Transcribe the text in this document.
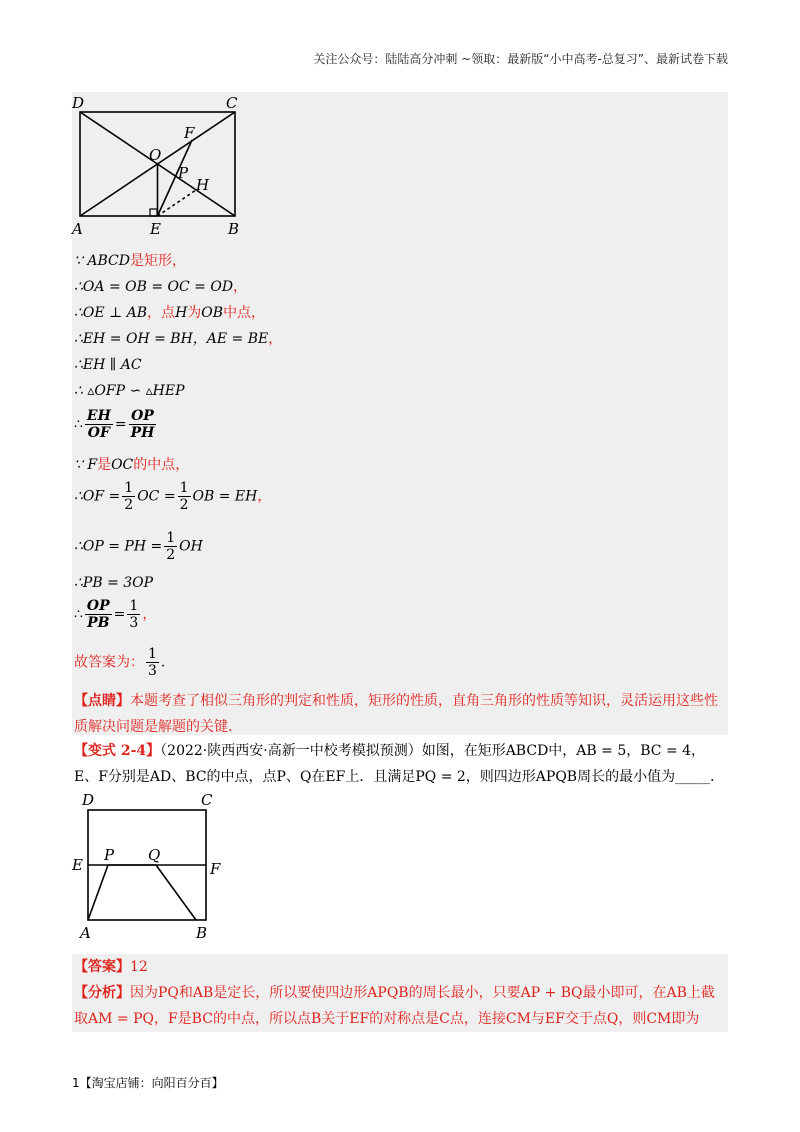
关注公众号：陆陆高分冲刺 ~领取：最新版“小中高考-总复习”、最新试卷下载
D	C
A	B
O
F
P
H
E
∵ ABCD是矩形，
∴OA = OB = OC = OD，
∴OE ⊥ AB，点H为OB中点，
∴EH = OH = BH，AE = BE，
∴EH ∥ AC
∴ ▵OFP ∽ ▵HEP
∴ $\frac{EH}{OF} = \frac{OP}{PH}$
∵ F是OC的中点，
∴OF = $\frac{1}{2}$ OC = $\frac{1}{2}$ OB = EH，
∴OP = PH = $\frac{1}{2}$ OH
∴PB = 3OP
∴ $\frac{OP}{PB} = \frac{1}{3}$ ，
故答案为： $\frac{1}{3}$ .
【点睛】本题考查了相似三角形的判定和性质，矩形的性质，直角三角形的性质等知识，灵活运用这些性质解决问题是解题的关键.
【变式 2-4】（2022·陕西西安·高新一中校考模拟预测）如图，在矩形ABCD中，AB = 5，BC = 4，E、F分别是AD、BC的中点，点P、Q在EF上．且满足PQ = 2，则四边形APQB周长的最小值为_____．
D	C
E	F
P Q
A	B
【答案】12
【分析】因为PQ和AB是定长，所以要使四边形APQB的周长最小，只要AP + BQ最小即可，在AB上截取AM = PQ，F是BC的中点，所以点B关于EF的对称点是C点，连接CM与EF交于点Q，则CM即为
1【淘宝店铺：向阳百分百】
